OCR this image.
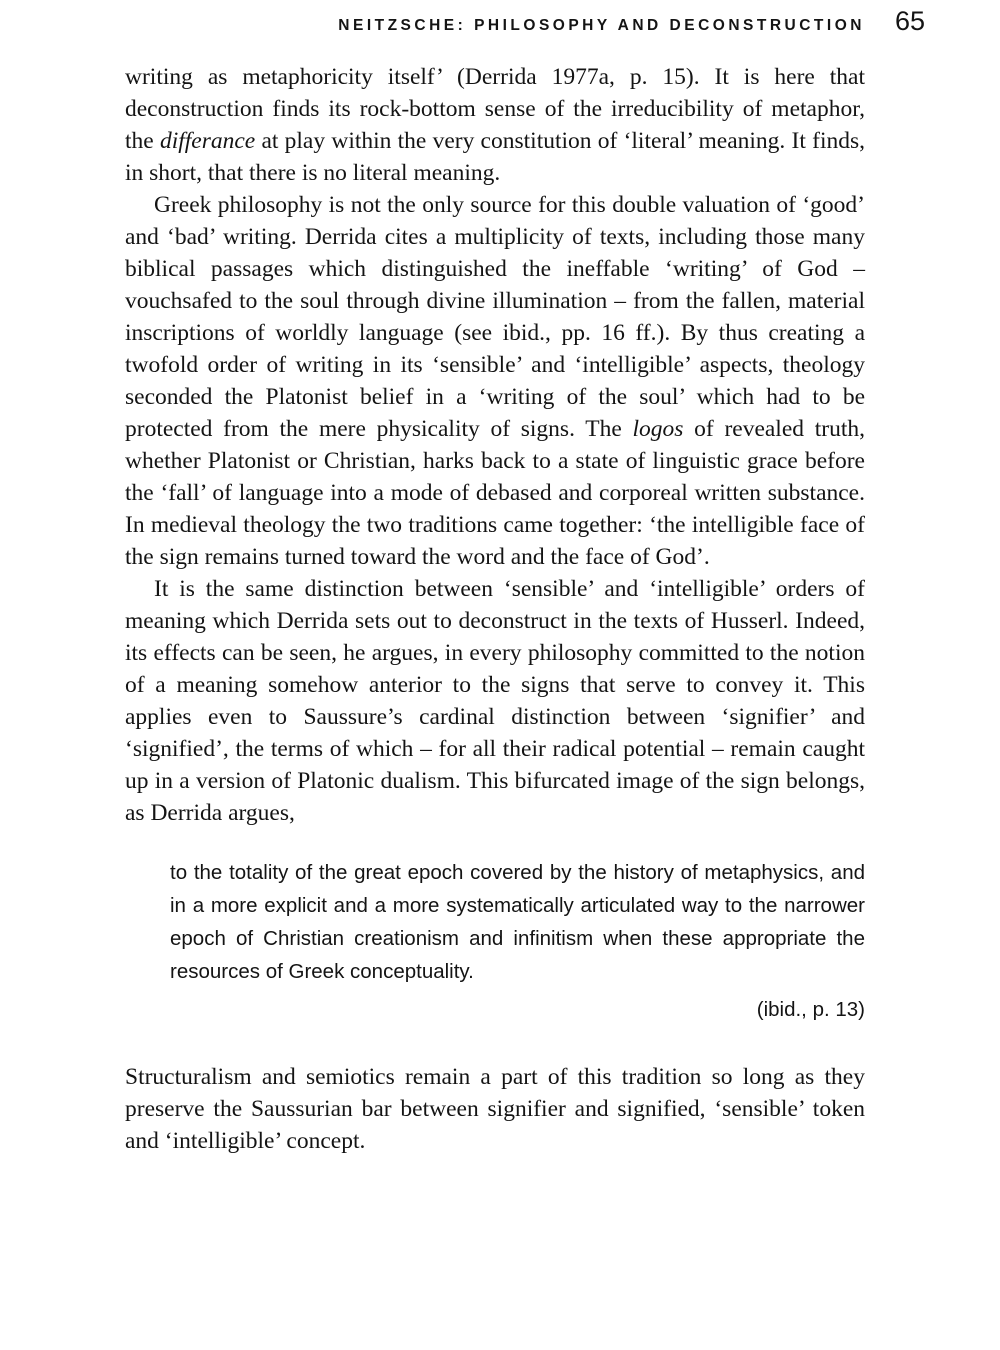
NEITZSCHE: PHILOSOPHY AND DECONSTRUCTION 65

writing as metaphoricity itself’ (Derrida 1977a, p. 15). It is here that deconstruction finds its rock-bottom sense of the irreducibility of metaphor, the differance at play within the very constitution of ‘literal’ meaning. It finds, in short, that there is no literal meaning.

Greek philosophy is not the only source for this double valuation of ‘good’ and ‘bad’ writing. Derrida cites a multiplicity of texts, including those many biblical passages which distinguished the ineffable ‘writing’ of God – vouchsafed to the soul through divine illumination – from the fallen, material inscriptions of worldly language (see ibid., pp. 16 ff.). By thus creating a twofold order of writing in its ‘sensible’ and ‘intelligible’ aspects, theology seconded the Platonist belief in a ‘writing of the soul’ which had to be protected from the mere physicality of signs. The logos of revealed truth, whether Platonist or Christian, harks back to a state of linguistic grace before the ‘fall’ of language into a mode of debased and corporeal written substance. In medieval theology the two traditions came together: ‘the intelligible face of the sign remains turned toward the word and the face of God’.

It is the same distinction between ‘sensible’ and ‘intelligible’ orders of meaning which Derrida sets out to deconstruct in the texts of Husserl. Indeed, its effects can be seen, he argues, in every philosophy committed to the notion of a meaning somehow anterior to the signs that serve to convey it. This applies even to Saussure’s cardinal distinction between ‘signifier’ and ‘signified’, the terms of which – for all their radical potential – remain caught up in a version of Platonic dualism. This bifurcated image of the sign belongs, as Derrida argues,

to the totality of the great epoch covered by the history of metaphysics, and in a more explicit and a more systematically articulated way to the narrower epoch of Christian creationism and infinitism when these appropriate the resources of Greek conceptuality.
(ibid., p. 13)

Structuralism and semiotics remain a part of this tradition so long as they preserve the Saussurian bar between signifier and signified, ‘sensible’ token and ‘intelligible’ concept.
